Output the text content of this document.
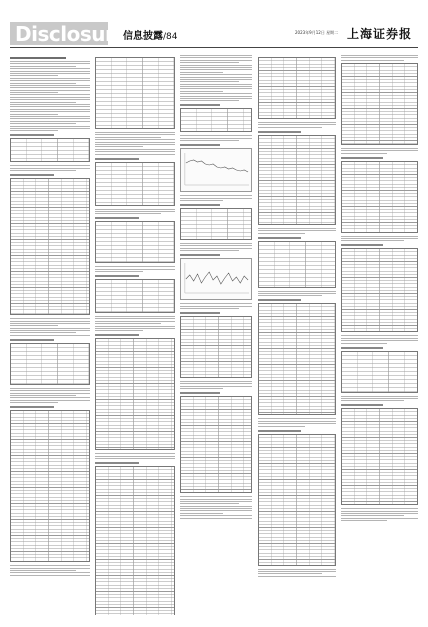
Disclosure
信息披露/84	2023年9月12日 星期二 上海证券报
